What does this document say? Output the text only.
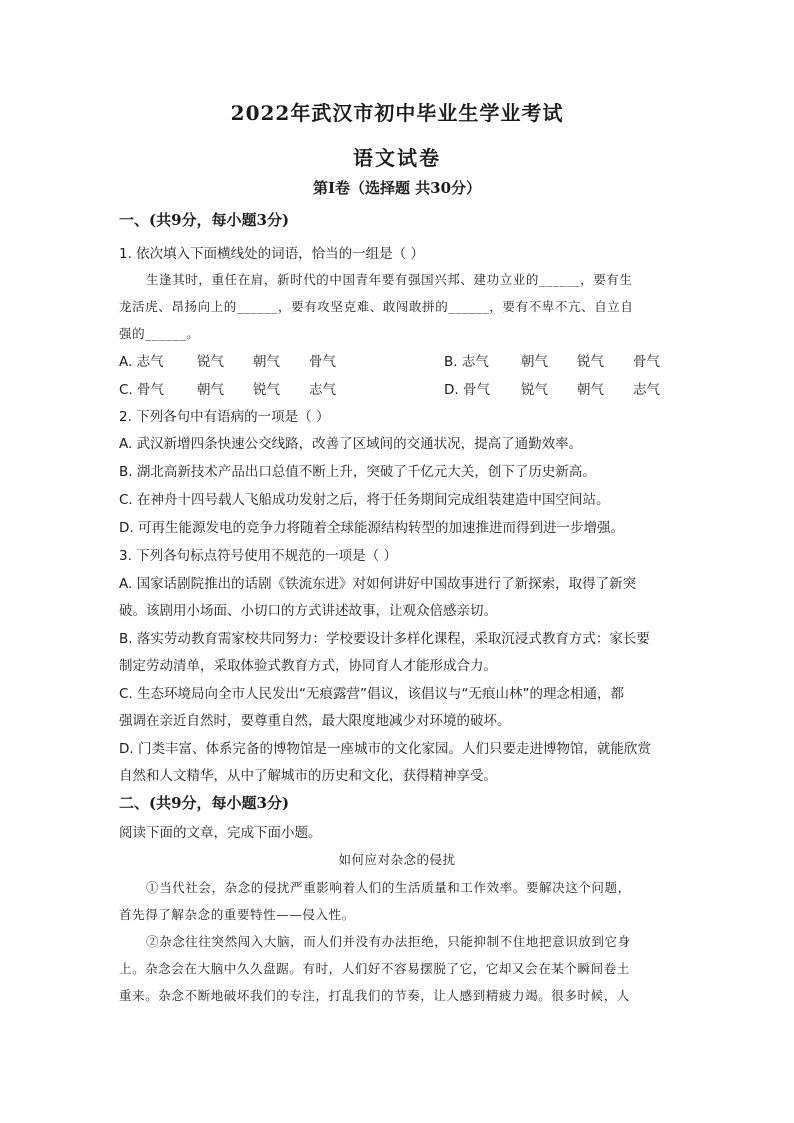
2022年武汉市初中毕业生学业考试
语文试卷
第Ⅰ卷（选择题 共30分）
一、(共9分，每小题3分)
1. 依次填入下面横线处的词语，恰当的一组是（ ）
生逢其时，重任在肩，新时代的中国青年要有强国兴邦、建功立业的______，要有生
龙活虎、昂扬向上的______，要有攻坚克难、敢闯敢拼的______，要有不卑不亢、自立自
强的______。
A. 志气 锐气 朝气 骨气	B. 志气 朝气 锐气 骨气
C. 骨气 朝气 锐气 志气	D. 骨气 锐气 朝气 志气
2. 下列各句中有语病的一项是（ ）
A. 武汉新增四条快速公交线路，改善了区域间的交通状况，提高了通勤效率。
B. 湖北高新技术产品出口总值不断上升，突破了千亿元大关，创下了历史新高。
C. 在神舟十四号载人飞船成功发射之后，将于任务期间完成组装建造中国空间站。
D. 可再生能源发电的竞争力将随着全球能源结构转型的加速推进而得到进一步增强。
3. 下列各句标点符号使用不规范的一项是（ ）
A. 国家话剧院推出的话剧《铁流东进》对如何讲好中国故事进行了新探索，取得了新突
破。该剧用小场面、小切口的方式讲述故事，让观众倍感亲切。
B. 落实劳动教育需家校共同努力：学校要设计多样化课程，采取沉浸式教育方式：家长要
制定劳动清单，采取体验式教育方式，协同育人才能形成合力。
C. 生态环境局向全市人民发出“无痕露营”倡议，该倡议与“无痕山林”的理念相通，都
强调在亲近自然时，要尊重自然，最大限度地减少对环境的破坏。
D. 门类丰富、体系完备的博物馆是一座城市的文化家园。人们只要走进博物馆，就能欣赏
自然和人文精华，从中了解城市的历史和文化，获得精神享受。
二、(共9分，每小题3分)
阅读下面的文章，完成下面小题。
如何应对杂念的侵扰
①当代社会，杂念的侵扰严重影响着人们的生活质量和工作效率。要解决这个问题，
首先得了解杂念的重要特性——侵入性。
②杂念往往突然闯入大脑，而人们并没有办法拒绝，只能抑制不住地把意识放到它身
上。杂念会在大脑中久久盘踞。有时，人们好不容易摆脱了它，它却又会在某个瞬间卷土
重来。杂念不断地破坏我们的专注，打乱我们的节奏，让人感到精疲力竭。很多时候，人
